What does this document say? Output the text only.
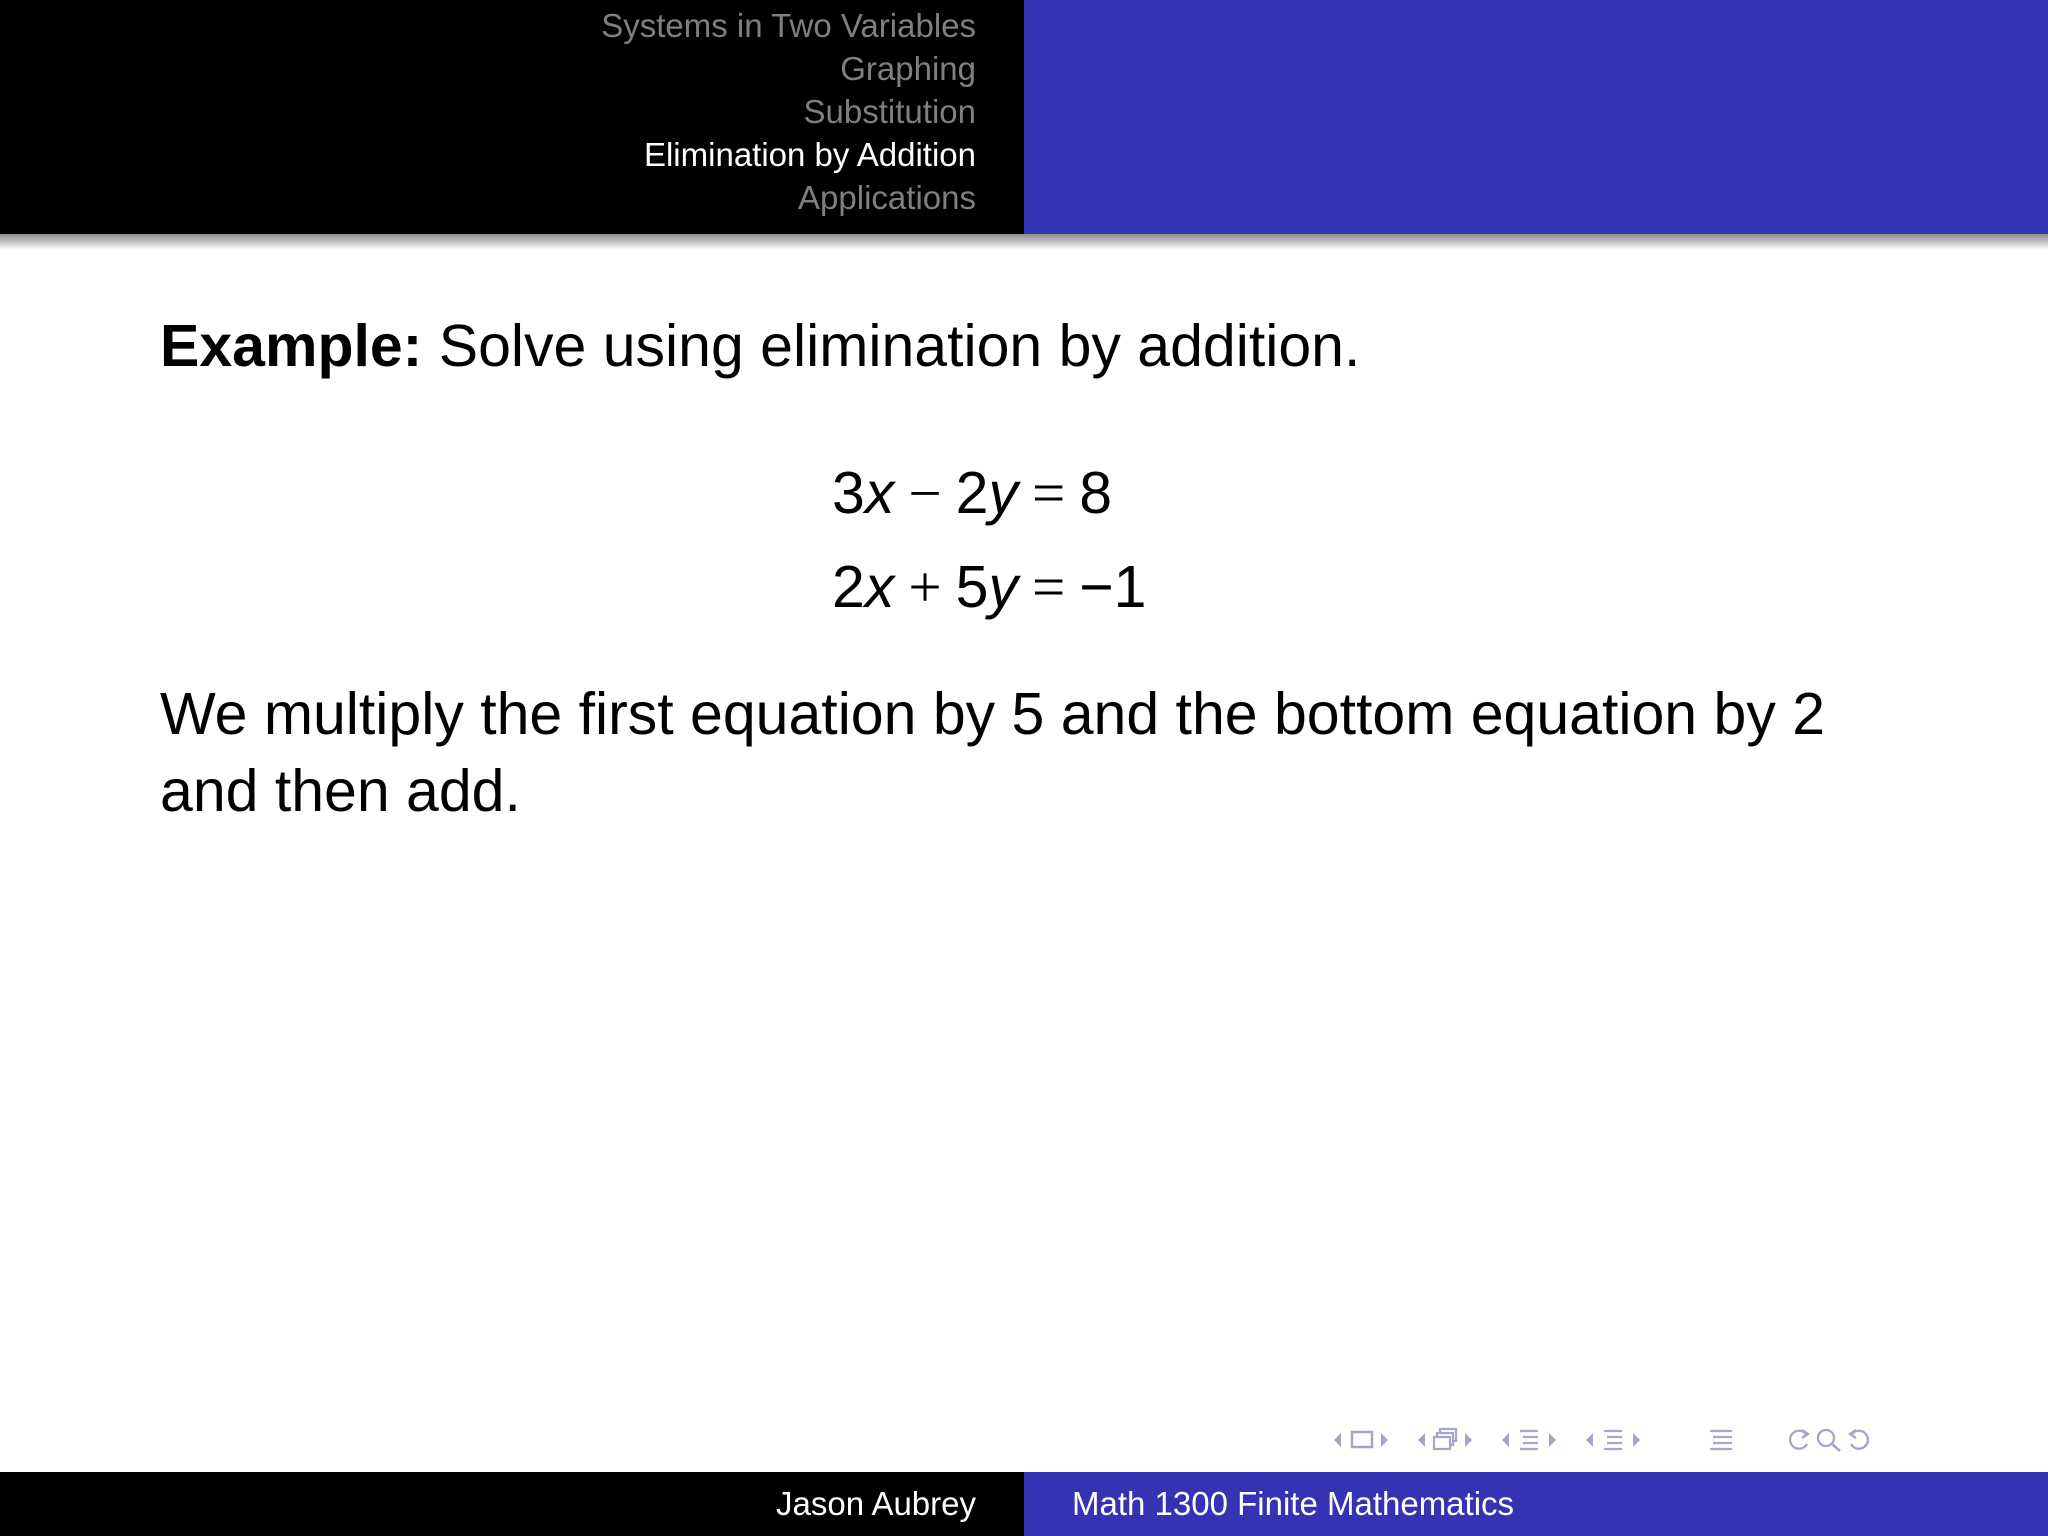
Systems in Two Variables
Graphing
Substitution
Elimination by Addition
Applications
Example: Solve using elimination by addition.
3x − 2y = 8
2x + 5y = −1
We multiply the first equation by 5 and the bottom equation by 2 and then add.
Jason Aubrey	Math 1300 Finite Mathematics
